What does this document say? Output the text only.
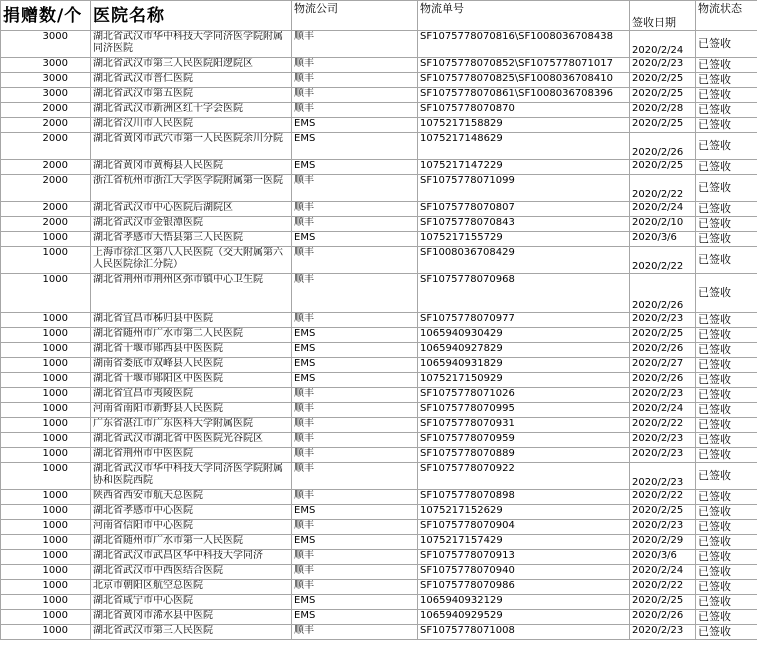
捐赠数/个	医院名称	物流公司	物流单号	签收日期	物流状态
3000	湖北省武汉市华中科技大学同济医学院附属同济医院	顺丰	SF1075778070816\SF1008036708438	2020/2/24	已签收
3000	湖北省武汉市第三人民医院阳逻院区	顺丰	SF1075778070852\SF1075778071017	2020/2/23	已签收
3000	湖北省武汉市普仁医院	顺丰	SF1075778070825\SF1008036708410	2020/2/25	已签收
3000	湖北省武汉市第五医院	顺丰	SF1075778070861\SF1008036708396	2020/2/25	已签收
2000	湖北省武汉市新洲区红十字会医院	顺丰	SF1075778070870	2020/2/28	已签收
2000	湖北省汉川市人民医院	EMS	1075217158829	2020/2/25	已签收
2000	湖北省黄冈市武穴市第一人民医院余川分院	EMS	1075217148629	2020/2/26	已签收
2000	湖北省黄冈市黄梅县人民医院	EMS	1075217147229	2020/2/25	已签收
2000	浙江省杭州市浙江大学医学院附属第一医院	顺丰	SF1075778071099	2020/2/22	已签收
2000	湖北省武汉市中心医院后湖院区	顺丰	SF1075778070807	2020/2/24	已签收
2000	湖北省武汉市金银潭医院	顺丰	SF1075778070843	2020/2/10	已签收
1000	湖北省孝感市大悟县第三人民医院	EMS	1075217155729	2020/3/6	已签收
1000	上海市徐汇区第八人民医院（交大附属第六人民医院徐汇分院）	顺丰	SF1008036708429	2020/2/22	已签收
1000	湖北省荆州市荆州区弥市镇中心卫生院	顺丰	SF1075778070968	2020/2/26	已签收
1000	湖北省宜昌市秭归县中医院	顺丰	SF1075778070977	2020/2/23	已签收
1000	湖北省随州市广水市第二人民医院	EMS	1065940930429	2020/2/25	已签收
1000	湖北省十堰市郧西县中医医院	EMS	1065940927829	2020/2/26	已签收
1000	湖南省娄底市双峰县人民医院	EMS	1065940931829	2020/2/27	已签收
1000	湖北省十堰市郧阳区中医医院	EMS	1075217150929	2020/2/26	已签收
1000	湖北省宜昌市夷陵医院	顺丰	SF1075778071026	2020/2/23	已签收
1000	河南省南阳市新野县人民医院	顺丰	SF1075778070995	2020/2/24	已签收
1000	广东省湛江市广东医科大学附属医院	顺丰	SF1075778070931	2020/2/22	已签收
1000	湖北省武汉市湖北省中医医院光谷院区	顺丰	SF1075778070959	2020/2/23	已签收
1000	湖北省荆州市中医医院	顺丰	SF1075778070889	2020/2/23	已签收
1000	湖北省武汉市华中科技大学同济医学院附属协和医院西院	顺丰	SF1075778070922	2020/2/23	已签收
1000	陕西省西安市航天总医院	顺丰	SF1075778070898	2020/2/22	已签收
1000	湖北省孝感市中心医院	EMS	1075217152629	2020/2/25	已签收
1000	河南省信阳市中心医院	顺丰	SF1075778070904	2020/2/23	已签收
1000	湖北省随州市广水市第一人民医院	EMS	1075217157429	2020/2/29	已签收
1000	湖北省武汉市武昌区华中科技大学同济	顺丰	SF1075778070913	2020/3/6	已签收
1000	湖北省武汉市中西医结合医院	顺丰	SF1075778070940	2020/2/24	已签收
1000	北京市朝阳区航空总医院	顺丰	SF1075778070986	2020/2/22	已签收
1000	湖北省咸宁市中心医院	EMS	1065940932129	2020/2/25	已签收
1000	湖北省黄冈市浠水县中医院	EMS	1065940929529	2020/2/26	已签收
1000	湖北省武汉市第三人民医院	顺丰	SF1075778071008	2020/2/23	已签收
